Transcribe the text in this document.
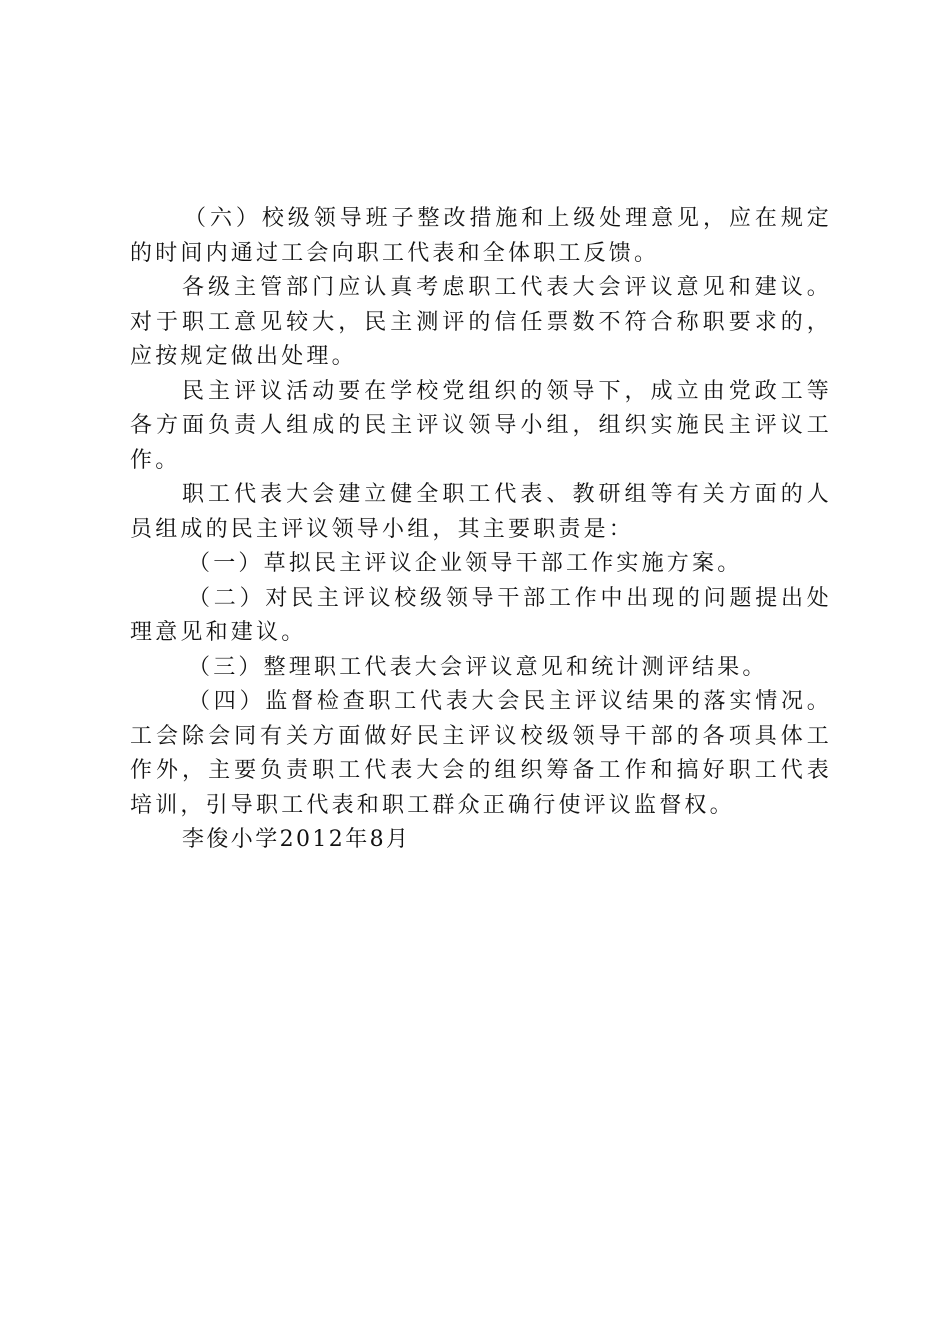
（六）校级领导班子整改措施和上级处理意见，应在规定的时间内通过工会向职工代表和全体职工反馈。

各级主管部门应认真考虑职工代表大会评议意见和建议。对于职工意见较大，民主测评的信任票数不符合称职要求的，应按规定做出处理。

民主评议活动要在学校党组织的领导下，成立由党政工等各方面负责人组成的民主评议领导小组，组织实施民主评议工作。

职工代表大会建立健全职工代表、教研组等有关方面的人员组成的民主评议领导小组，其主要职责是：

（一）草拟民主评议企业领导干部工作实施方案。

（二）对民主评议校级领导干部工作中出现的问题提出处理意见和建议。

（三）整理职工代表大会评议意见和统计测评结果。

（四）监督检查职工代表大会民主评议结果的落实情况。工会除会同有关方面做好民主评议校级领导干部的各项具体工作外，主要负责职工代表大会的组织筹备工作和搞好职工代表培训，引导职工代表和职工群众正确行使评议监督权。

李俊小学2012年8月
